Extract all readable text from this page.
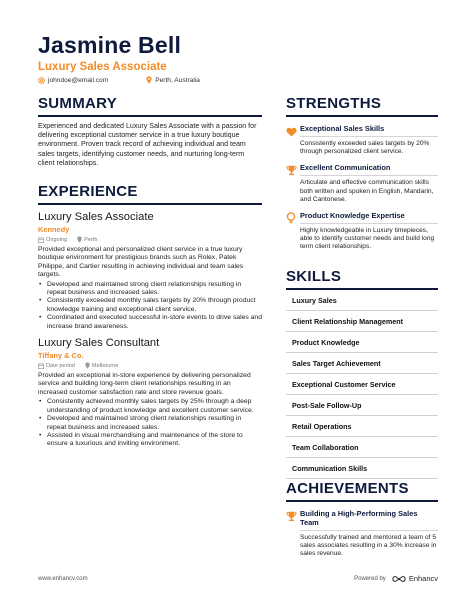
Jasmine Bell
Luxury Sales Associate
johndoe@email.com	Perth, Australia
SUMMARY
Experienced and dedicated Luxury Sales Associate with a passion for delivering exceptional customer service in a true luxury boutique environment. Proven track record of achieving individual and team sales targets, identifying customer needs, and nurturing long-term client relationships.
EXPERIENCE
Luxury Sales Associate
Kennedy
Ongoing	Perth
Provided exceptional and personalized client service in a true luxury boutique environment for prestigious brands such as Rolex, Patek Philippe, and Cartier resulting in achieving individual and team sales targets.
• Developed and maintained strong client relationships resulting in repeat business and increased sales.
• Consistently exceeded monthly sales targets by 20% through product knowledge training and exceptional client service.
• Coordinated and executed successful in-store events to drive sales and increase brand awareness.
Luxury Sales Consultant
Tiffany & Co.
Date period	Melbourne
Provided an exceptional in-store experience by delivering personalized service and building long-term client relationships resulting in an increased customer satisfaction rate and store revenue goals.
• Consistently achieved monthly sales targets by 25% through a deep understanding of product knowledge and excellent customer service.
• Developed and maintained strong client relationships resulting in repeat business and increased sales.
• Assisted in visual merchandising and maintenance of the store to ensure a luxurious and inviting environment.
STRENGTHS
Exceptional Sales Skills
Consistently exceeded sales targets by 20% through personalized client service.
Excellent Communication
Articulate and effective communication skills both written and spoken in English, Mandarin, and Cantonese.
Product Knowledge Expertise
Highly knowledgeable in Luxury timepieces, able to identify customer needs and build long term client relationships.
SKILLS
Luxury Sales
Client Relationship Management
Product Knowledge
Sales Target Achievement
Exceptional Customer Service
Post-Sale Follow-Up
Retail Operations
Team Collaboration
Communication Skills
ACHIEVEMENTS
Building a High-Performing Sales Team
Successfully trained and mentored a team of 5 sales associates resulting in a 30% increase in sales revenue.
www.enhancv.com	Powered by	Enhancv
